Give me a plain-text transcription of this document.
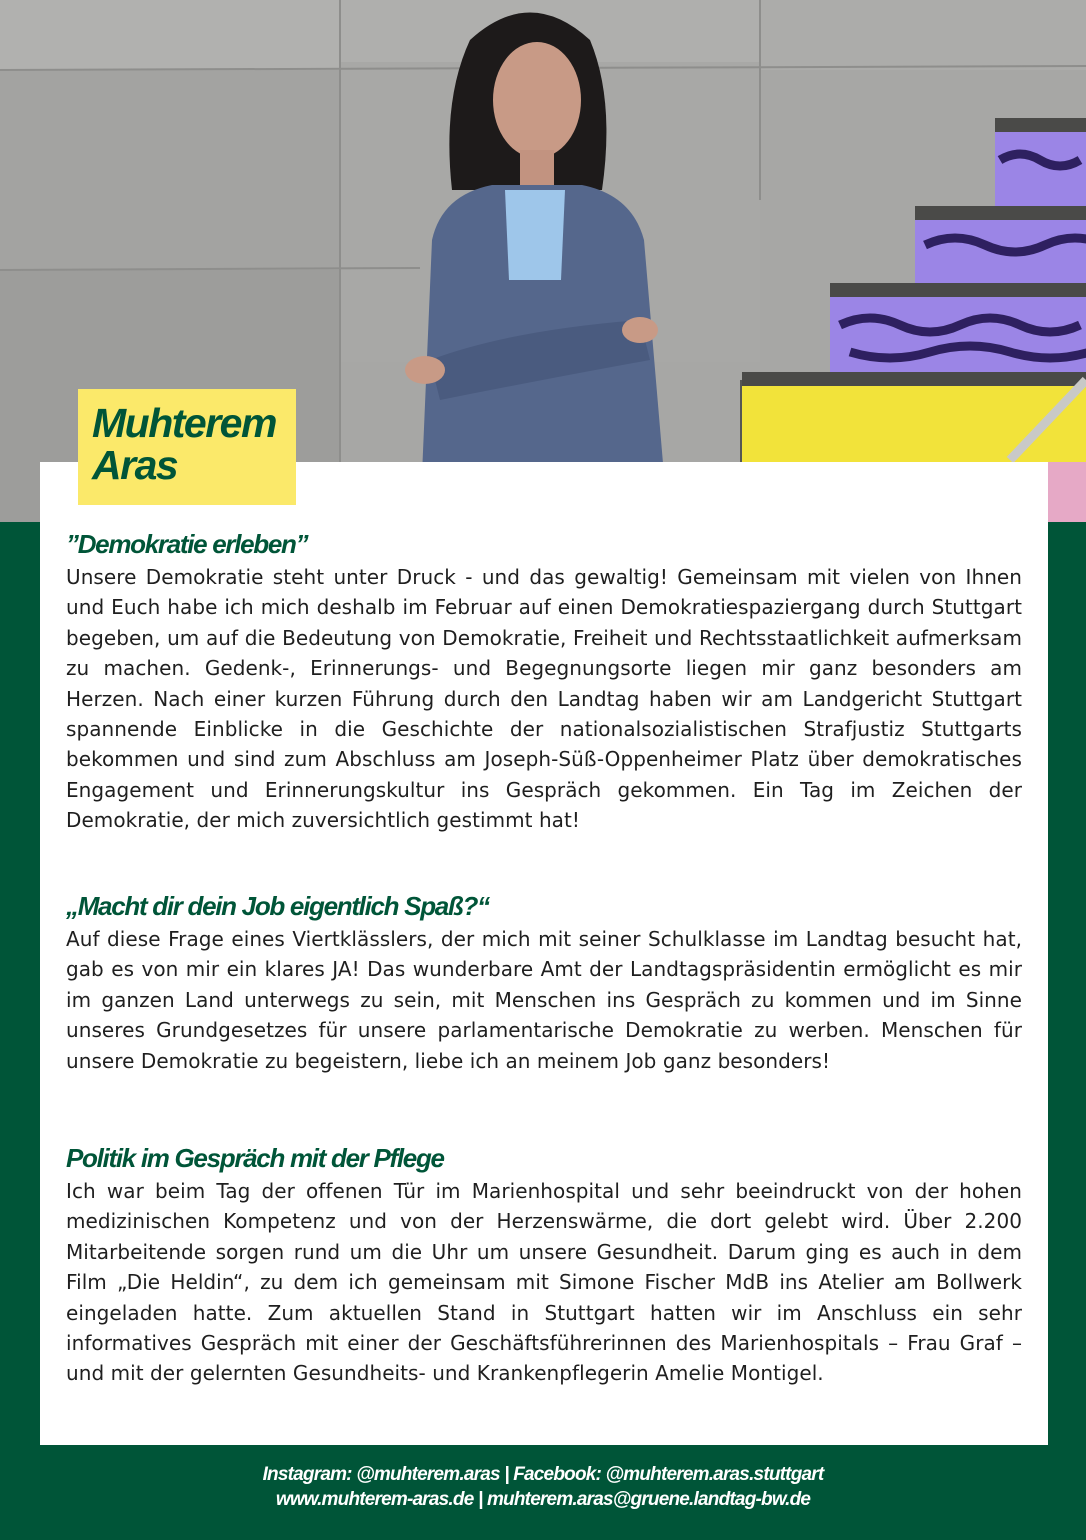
Muhterem
Aras
”Demokratie erleben”

Unsere Demokratie steht unter Druck - und das gewaltig! Gemeinsam mit vielen von Ihnen und Euch habe ich mich deshalb im Februar auf einen Demokratiespaziergang durch Stuttgart begeben, um auf die Bedeutung von Demokratie, Freiheit und Rechtsstaatlichkeit aufmerksam zu machen. Gedenk-, Erinnerungs- und Begegnungsorte liegen mir ganz besonders am Herzen. Nach einer kurzen Führung durch den Landtag haben wir am Landgericht Stuttgart spannende Einblicke in die Geschichte der nationalsozialistischen Strafjustiz Stuttgarts bekommen und sind zum Abschluss am Joseph-Süß-Oppenheimer Platz über demokratisches Engagement und Erinnerungskultur ins Gespräch gekommen. Ein Tag im Zeichen der Demokratie, der mich zuversichtlich gestimmt hat!

„Macht dir dein Job eigentlich Spaß?“

Auf diese Frage eines Viertklässlers, der mich mit seiner Schulklasse im Landtag besucht hat, gab es von mir ein klares JA! Das wunderbare Amt der Landtagspräsidentin ermöglicht es mir im ganzen Land unterwegs zu sein, mit Menschen ins Gespräch zu kommen und im Sinne unseres Grundgesetzes für unsere parlamentarische Demokratie zu werben. Menschen für unsere Demokratie zu begeistern, liebe ich an meinem Job ganz besonders!

Politik im Gespräch mit der Pflege

Ich war beim Tag der offenen Tür im Marienhospital und sehr beeindruckt von der hohen medizinischen Kompetenz und von der Herzenswärme, die dort gelebt wird. Über 2.200 Mitarbeitende sorgen rund um die Uhr um unsere Gesundheit. Darum ging es auch in dem Film „Die Heldin“, zu dem ich gemeinsam mit Simone Fischer MdB ins Atelier am Bollwerk eingeladen hatte. Zum aktuellen Stand in Stuttgart hatten wir im Anschluss ein sehr informatives Gespräch mit einer der Geschäftsführerinnen des Marienhospitals – Frau Graf – und mit der gelernten Gesundheits- und Krankenpflegerin Amelie Montigel.

Instagram: @muhterem.aras | Facebook: @muhterem.aras.stuttgart
www.muhterem-aras.de | muhterem.aras@gruene.landtag-bw.de
